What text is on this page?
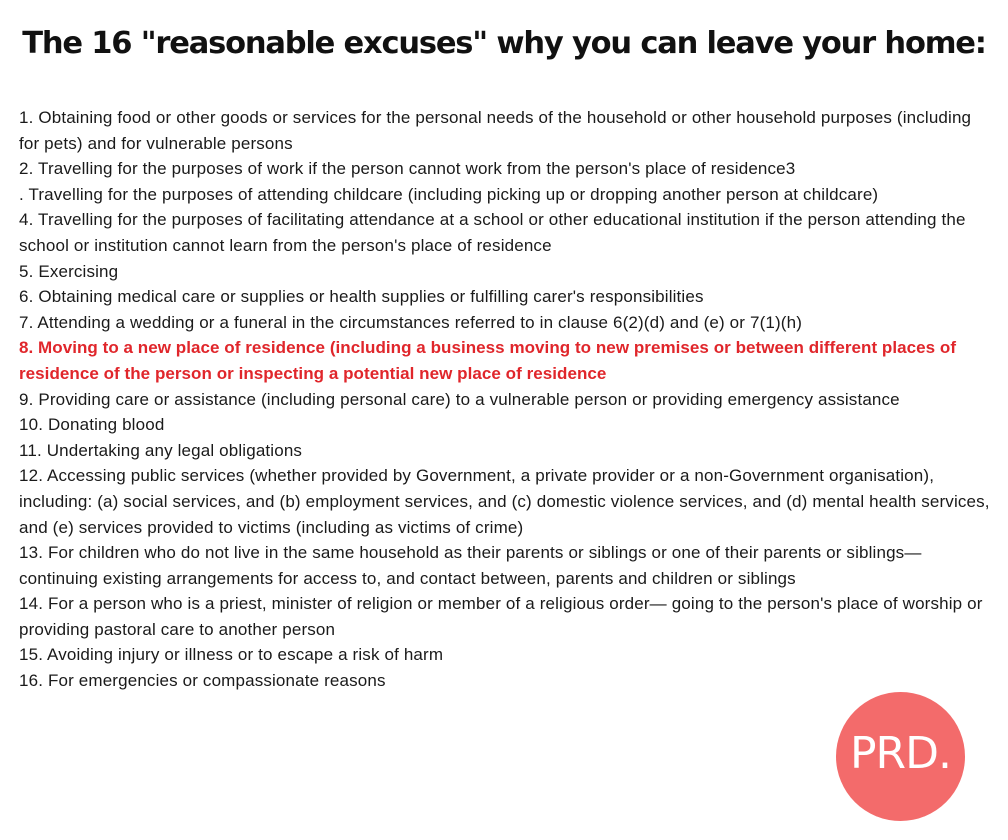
The 16 "reasonable excuses" why you can leave your home:
1. Obtaining food or other goods or services for the personal needs of the household or other household purposes (including for pets) and for vulnerable persons
2. Travelling for the purposes of work if the person cannot work from the person's place of residence3
. Travelling for the purposes of attending childcare (including picking up or dropping another person at childcare)
4. Travelling for the purposes of facilitating attendance at a school or other educational institution if the person attending the school or institution cannot learn from the person's place of residence
5. Exercising
6. Obtaining medical care or supplies or health supplies or fulfilling carer's responsibilities
7. Attending a wedding or a funeral in the circumstances referred to in clause 6(2)(d) and (e) or 7(1)(h)
8. Moving to a new place of residence (including a business moving to new premises or between different places of residence of the person or inspecting a potential new place of residence
9. Providing care or assistance (including personal care) to a vulnerable person or providing emergency assistance
10. Donating blood
11. Undertaking any legal obligations
12. Accessing public services (whether provided by Government, a private provider or a non-Government organisation), including: (a) social services, and (b) employment services, and (c) domestic violence services, and (d) mental health services, and (e) services provided to victims (including as victims of crime)
13. For children who do not live in the same household as their parents or siblings or one of their parents or siblings—continuing existing arrangements for access to, and contact between, parents and children or siblings
14. For a person who is a priest, minister of religion or member of a religious order— going to the person's place of worship or providing pastoral care to another person
15. Avoiding injury or illness or to escape a risk of harm
16. For emergencies or compassionate reasons
PRD.
